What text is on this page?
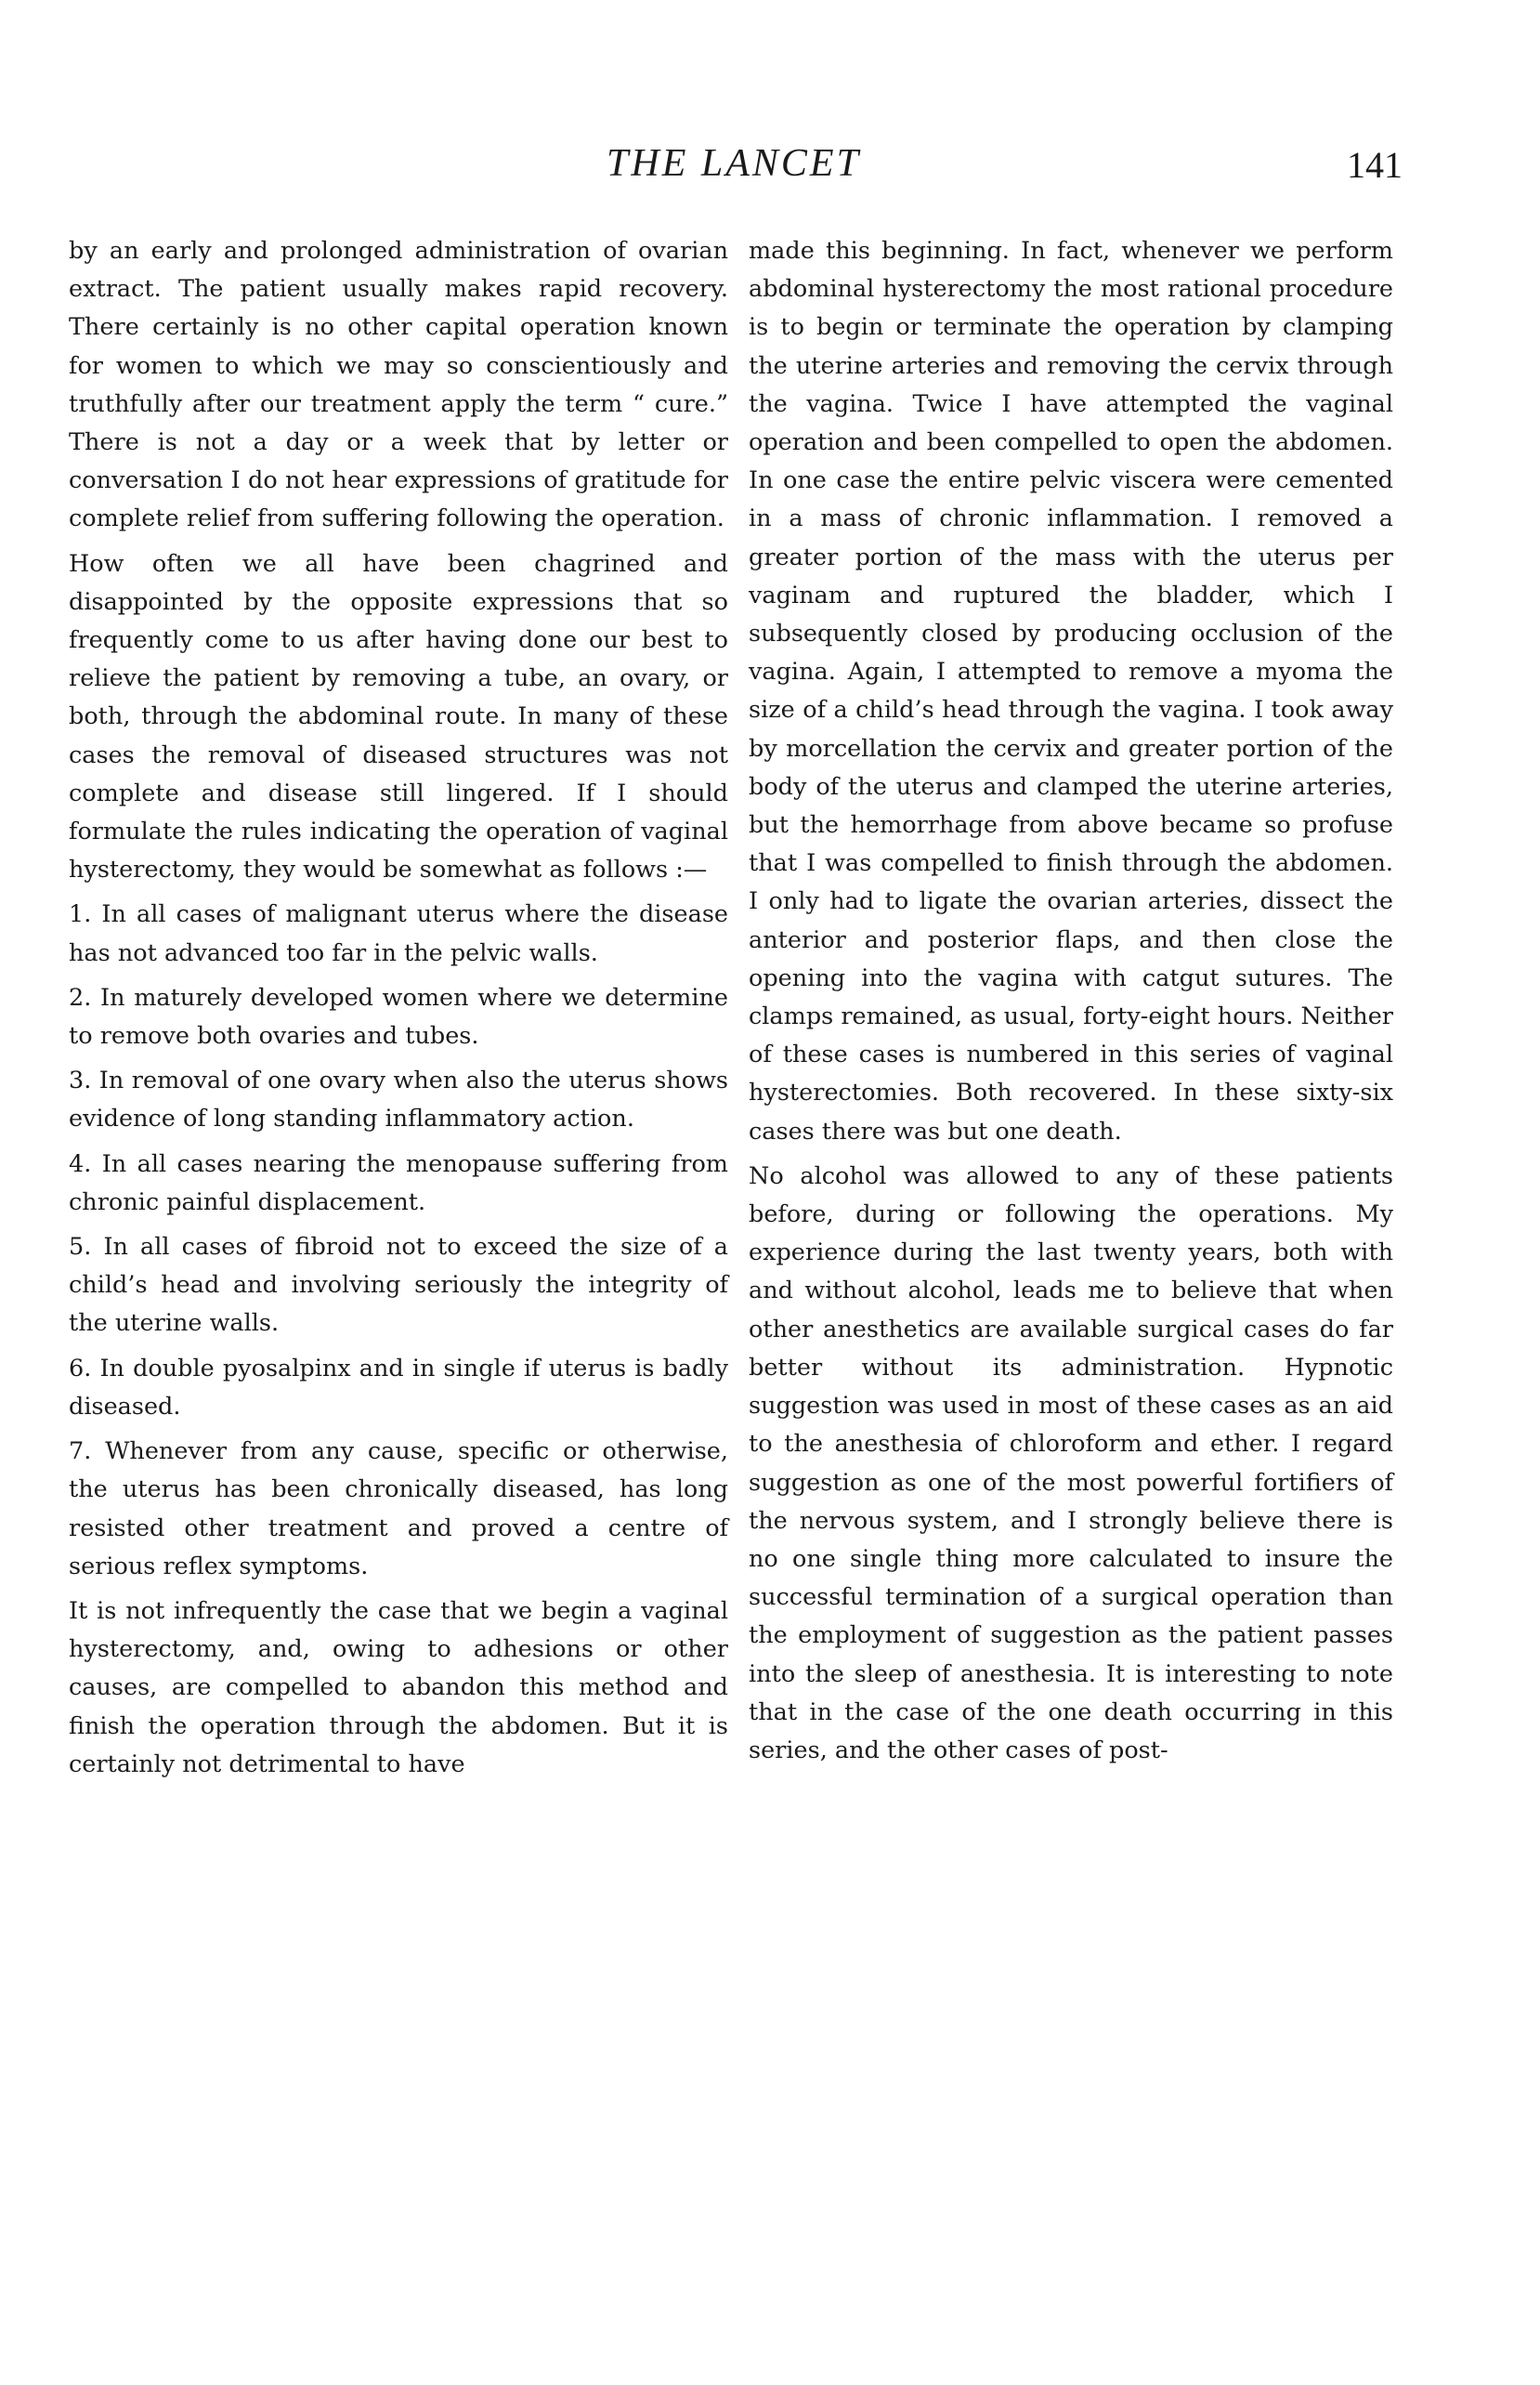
THE LANCET	141

by an early and prolonged administration of ovarian extract. The patient usually makes rapid recovery. There certainly is no other capital operation known for women to which we may so conscientiously and truthfully after our treatment apply the term “ cure.” There is not a day or a week that by letter or conversation I do not hear expressions of gratitude for complete relief from suffering following the operation.

How often we all have been chagrined and disappointed by the opposite expressions that so frequently come to us after having done our best to relieve the patient by removing a tube, an ovary, or both, through the abdominal route. In many of these cases the removal of diseased structures was not complete and disease still lingered. If I should formulate the rules indicating the operation of vaginal hysterectomy, they would be somewhat as follows :—

1. In all cases of malignant uterus where the disease has not advanced too far in the pelvic walls.

2. In maturely developed women where we determine to remove both ovaries and tubes.

3. In removal of one ovary when also the uterus shows evidence of long standing inflammatory action.

4. In all cases nearing the menopause suffering from chronic painful displacement.

5. In all cases of fibroid not to exceed the size of a child’s head and involving seriously the integrity of the uterine walls.

6. In double pyosalpinx and in single if uterus is badly diseased.

7. Whenever from any cause, specific or otherwise, the uterus has been chronically diseased, has long resisted other treatment and proved a centre of serious reflex symptoms.

It is not infrequently the case that we begin a vaginal hysterectomy, and, owing to adhesions or other causes, are compelled to abandon this method and finish the operation through the abdomen. But it is certainly not detrimental to have

made this beginning. In fact, whenever we perform abdominal hysterectomy the most rational procedure is to begin or terminate the operation by clamping the uterine arteries and removing the cervix through the vagina. Twice I have attempted the vaginal operation and been compelled to open the abdomen. In one case the entire pelvic viscera were cemented in a mass of chronic inflammation. I removed a greater portion of the mass with the uterus per vaginam and ruptured the bladder, which I subsequently closed by producing occlusion of the vagina. Again, I attempted to remove a myoma the size of a child’s head through the vagina. I took away by morcellation the cervix and greater portion of the body of the uterus and clamped the uterine arteries, but the hemorrhage from above became so profuse that I was compelled to finish through the abdomen. I only had to ligate the ovarian arteries, dissect the anterior and posterior flaps, and then close the opening into the vagina with catgut sutures. The clamps remained, as usual, forty-eight hours. Neither of these cases is numbered in this series of vaginal hysterectomies. Both recovered. In these sixty-six cases there was but one death.

No alcohol was allowed to any of these patients before, during or following the operations. My experience during the last twenty years, both with and without alcohol, leads me to believe that when other anesthetics are available surgical cases do far better without its administration. Hypnotic suggestion was used in most of these cases as an aid to the anesthesia of chloroform and ether. I regard suggestion as one of the most powerful fortifiers of the nervous system, and I strongly believe there is no one single thing more calculated to insure the successful termination of a surgical operation than the employment of suggestion as the patient passes into the sleep of anesthesia. It is interesting to note that in the case of the one death occurring in this series, and the other cases of post-
